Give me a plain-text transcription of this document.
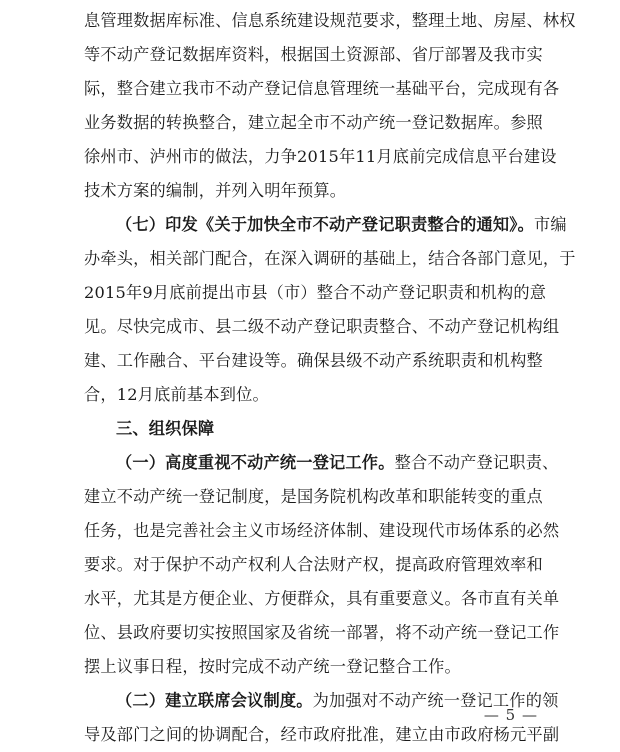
息管理数据库标准、信息系统建设规范要求，整理土地、房屋、林权
等不动产登记数据库资料，根据国土资源部、省厅部署及我市实
际，整合建立我市不动产登记信息管理统一基础平台，完成现有各
业务数据的转换整合，建立起全市不动产统一登记数据库。参照
徐州市、泸州市的做法，力争2015年11月底前完成信息平台建设
技术方案的编制，并列入明年预算。
（七）印发《关于加快全市不动产登记职责整合的通知》。市编
办牵头，相关部门配合，在深入调研的基础上，结合各部门意见，于
2015年9月底前提出市县（市）整合不动产登记职责和机构的意
见。尽快完成市、县二级不动产登记职责整合、不动产登记机构组
建、工作融合、平台建设等。确保县级不动产系统职责和机构整
合，12月底前基本到位。
三、组织保障
（一）高度重视不动产统一登记工作。整合不动产登记职责、
建立不动产统一登记制度，是国务院机构改革和职能转变的重点
任务，也是完善社会主义市场经济体制、建设现代市场体系的必然
要求。对于保护不动产权利人合法财产权，提高政府管理效率和
水平，尤其是方便企业、方便群众，具有重要意义。各市直有关单
位、县政府要切实按照国家及省统一部署，将不动产统一登记工作
摆上议事日程，按时完成不动产统一登记整合工作。
（二）建立联席会议制度。为加强对不动产统一登记工作的领
导及部门之间的协调配合，经市政府批准，建立由市政府杨元平副
— 5 —
